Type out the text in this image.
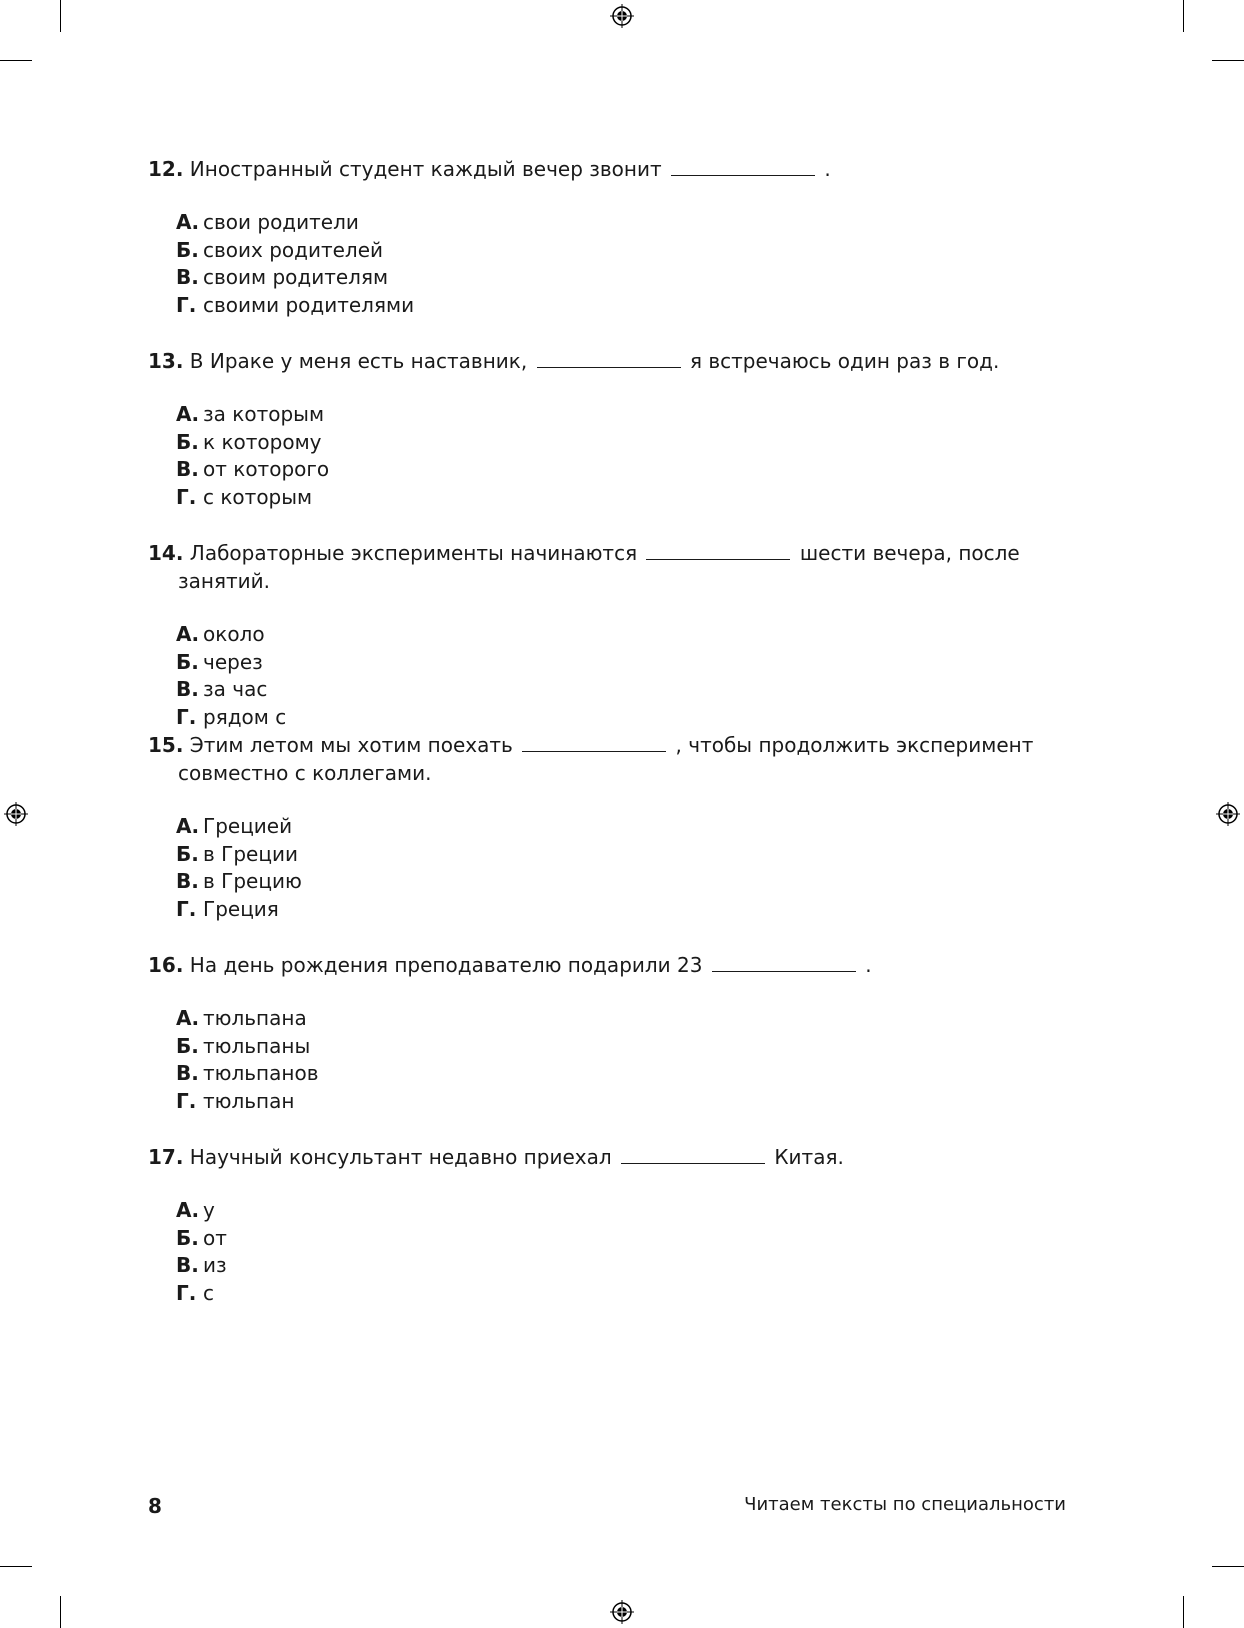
12. Иностранный студент каждый вечер звонит	.

А. свои родители
Б. своих родителей
В. своим родителям
Г. своими родителями

13. В Ираке у меня есть наставник,	я встречаюсь один раз в год.

А. за которым
Б. к которому
В. от которого
Г. с которым

14. Лабораторные эксперименты начинаются	шести вечера, после занятий.

А. около
Б. через
В. за час
Г. рядом с

15. Этим летом мы хотим поехать	, чтобы продолжить эксперимент совместно с коллегами.

А. Грецией
Б. в Греции
В. в Грецию
Г. Греция

16. На день рождения преподавателю подарили 23	.

А. тюльпана
Б. тюльпаны
В. тюльпанов
Г. тюльпан

17. Научный консультант недавно приехал	Китая.

А. у
Б. от
В. из
Г. с
8	Читаем тексты по специальности
